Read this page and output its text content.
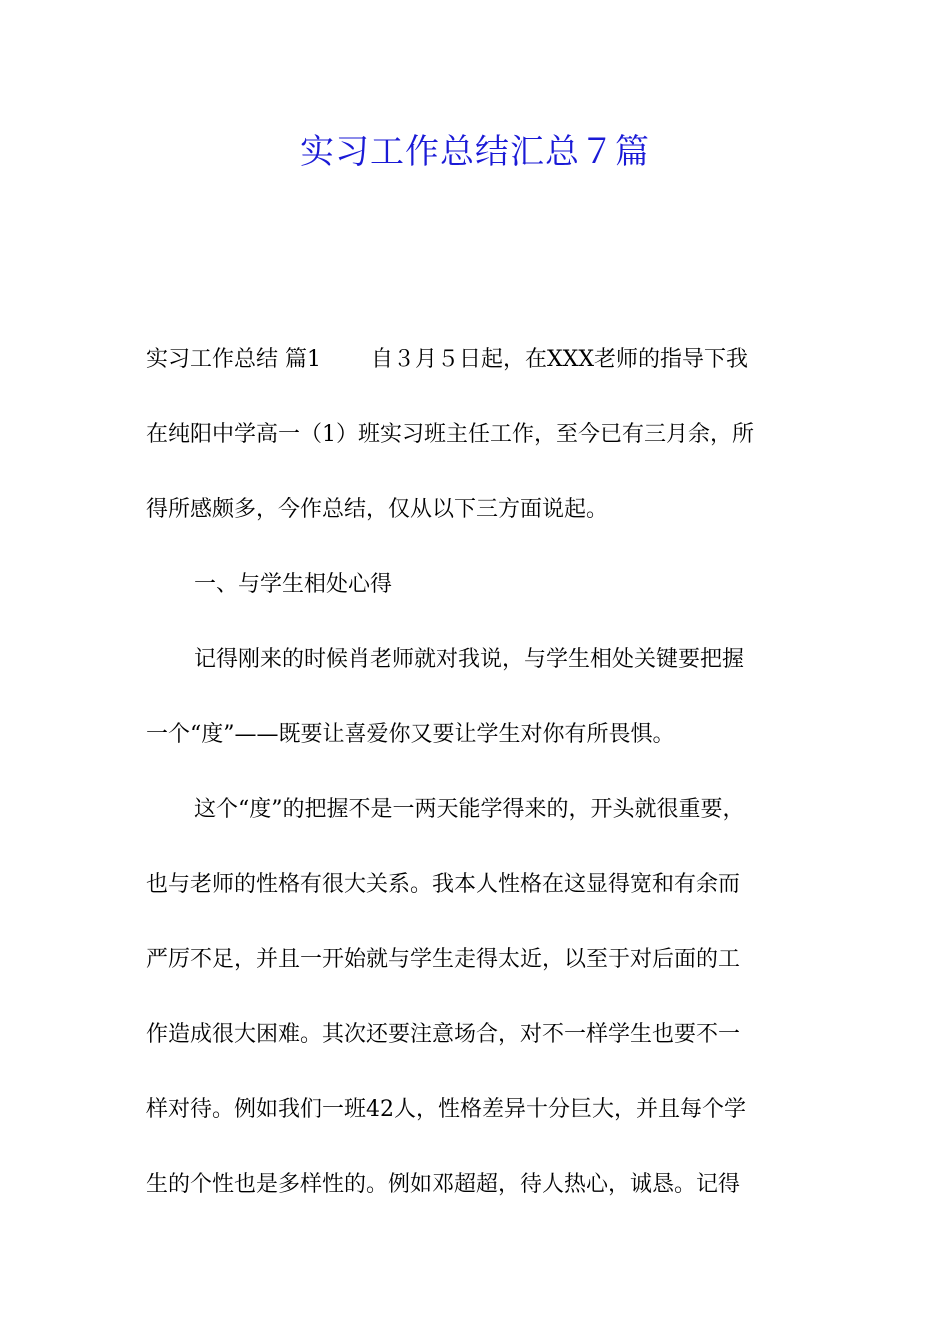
实习工作总结汇总７篇
实习工作总结 篇1 自３月５日起，在XXX老师的指导下我
在纯阳中学高一（1）班实习班主任工作，至今已有三月余，所
得所感颇多，今作总结，仅从以下三方面说起。
一、与学生相处心得
记得刚来的时候肖老师就对我说，与学生相处关键要把握
一个“度”——既要让喜爱你又要让学生对你有所畏惧。
这个“度”的把握不是一两天能学得来的，开头就很重要，
也与老师的性格有很大关系。我本人性格在这显得宽和有余而
严厉不足，并且一开始就与学生走得太近，以至于对后面的工
作造成很大困难。其次还要注意场合，对不一样学生也要不一
样对待。例如我们一班42人，性格差异十分巨大，并且每个学
生的个性也是多样性的。例如邓超超，待人热心，诚恳。记得
